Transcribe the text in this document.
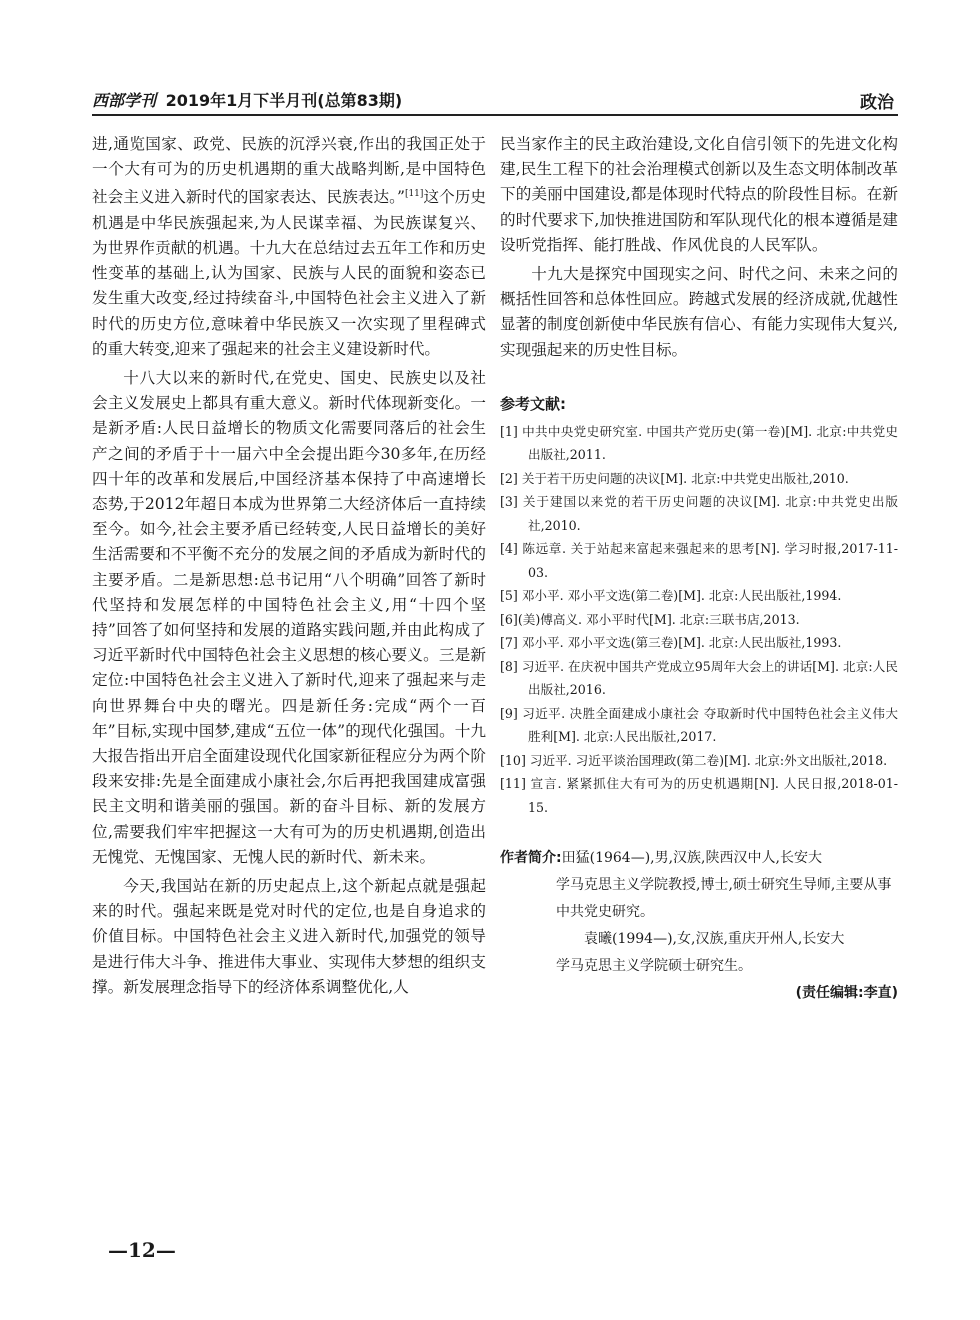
西部学刊 2019年1月下半月刊(总第83期)	政治

进,通览国家、政党、民族的沉浮兴衰,作出的我国正处于一个大有可为的历史机遇期的重大战略判断,是中国特色社会主义进入新时代的国家表达、民族表达。”[11]这个历史机遇是中华民族强起来,为人民谋幸福、为民族谋复兴、为世界作贡献的机遇。十九大在总结过去五年工作和历史性变革的基础上,认为国家、民族与人民的面貌和姿态已发生重大改变,经过持续奋斗,中国特色社会主义进入了新时代的历史方位,意味着中华民族又一次实现了里程碑式的重大转变,迎来了强起来的社会主义建设新时代。

十八大以来的新时代,在党史、国史、民族史以及社会主义发展史上都具有重大意义。新时代体现新变化。一是新矛盾:人民日益增长的物质文化需要同落后的社会生产之间的矛盾于十一届六中全会提出距今30多年,在历经四十年的改革和发展后,中国经济基本保持了中高速增长态势,于2012年超日本成为世界第二大经济体后一直持续至今。如今,社会主要矛盾已经转变,人民日益增长的美好生活需要和不平衡不充分的发展之间的矛盾成为新时代的主要矛盾。二是新思想:总书记用“八个明确”回答了新时代坚持和发展怎样的中国特色社会主义,用“十四个坚持”回答了如何坚持和发展的道路实践问题,并由此构成了习近平新时代中国特色社会主义思想的核心要义。三是新定位:中国特色社会主义进入了新时代,迎来了强起来与走向世界舞台中央的曙光。四是新任务:完成“两个一百年”目标,实现中国梦,建成“五位一体”的现代化强国。十九大报告指出开启全面建设现代化国家新征程应分为两个阶段来安排:先是全面建成小康社会,尔后再把我国建成富强民主文明和谐美丽的强国。新的奋斗目标、新的发展方位,需要我们牢牢把握这一大有可为的历史机遇期,创造出无愧党、无愧国家、无愧人民的新时代、新未来。

今天,我国站在新的历史起点上,这个新起点就是强起来的时代。强起来既是党对时代的定位,也是自身追求的价值目标。中国特色社会主义进入新时代,加强党的领导是进行伟大斗争、推进伟大事业、实现伟大梦想的组织支撑。新发展理念指导下的经济体系调整优化,人

民当家作主的民主政治建设,文化自信引领下的先进文化构建,民生工程下的社会治理模式创新以及生态文明体制改革下的美丽中国建设,都是体现时代特点的阶段性目标。在新的时代要求下,加快推进国防和军队现代化的根本遵循是建设听党指挥、能打胜战、作风优良的人民军队。

十九大是探究中国现实之问、时代之问、未来之问的概括性回答和总体性回应。跨越式发展的经济成就,优越性显著的制度创新使中华民族有信心、有能力实现伟大复兴,实现强起来的历史性目标。

参考文献:
[1] 中共中央党史研究室. 中国共产党历史(第一卷)[M]. 北京:中共党史出版社,2011.
[2] 关于若干历史问题的决议[M]. 北京:中共党史出版社,2010.
[3] 关于建国以来党的若干历史问题的决议[M]. 北京:中共党史出版社,2010.
[4] 陈远章. 关于站起来富起来强起来的思考[N]. 学习时报,2017-11-03.
[5] 邓小平. 邓小平文选(第二卷)[M]. 北京:人民出版社,1994.
[6](美)傅高义. 邓小平时代[M]. 北京:三联书店,2013.
[7] 邓小平. 邓小平文选(第三卷)[M]. 北京:人民出版社,1993.
[8] 习近平. 在庆祝中国共产党成立95周年大会上的讲话[M]. 北京:人民出版社,2016.
[9] 习近平. 决胜全面建成小康社会 夺取新时代中国特色社会主义伟大胜利[M]. 北京:人民出版社,2017.
[10] 习近平. 习近平谈治国理政(第二卷)[M]. 北京:外文出版社,2018.
[11] 宣言. 紧紧抓住大有可为的历史机遇期[N]. 人民日报,2018-01-15.
作者简介:田猛(1964—),男,汉族,陕西汉中人,长安大
学马克思主义学院教授,博士,硕士研究生导师,主要从事中共党史研究。
袁曦(1994—),女,汉族,重庆开州人,长安大
学马克思主义学院硕士研究生。
(责任编辑:李直)
—12—
